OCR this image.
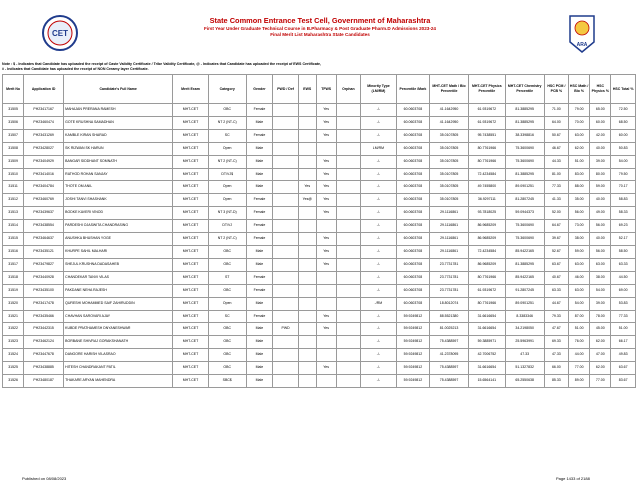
CET
State Common Entrance Test Cell, Government of Maharashtra
First Year Under Graduate Technical Course in B.Pharmacy & Post Graduate Pharm.D Admissions 2023-24
Final Merit List Maharashtra State Candidates
ARA
Note : $ - Indicates that Candidate has uploaded the receipt of Caste Validity Certificate / Tribe Validity Certificate, @ - Indicates that Candidate has uploaded the receipt of EWS Certificate,
# - Indicates that Candidate has uploaded the receipt of NON Creamy layer Certificate.
Merit No	Application ID	Candidate's Full Name	Merit Exam	Category	Gender	PWD / Def	EWS	TFWS	Orphan	Minority Type (LM/RM)	Percentile /Mark	MHT-CET Math / Bio Percentile	MHT-CET Physics Percentile	MHT-CET Chemistry Percentile	HSC PCM / PCB %	HSC Math / Bio %	HSC Physics %	HSC Total %
31505	PH23417167	MAHAJAN PRERANA RAMESH	MHT-CET	OBC	Female			Yes		-/-	60.0603708	41.1642950	61.9319672	81.3885295	71.00	79.00	65.00	72.50
31506	PH23460474	GOTE KRUSHNA SAMADHAN	MHT-CET	NT 2 (NT-C)	Male			Yes		-/-	60.0603708	41.1642950	61.9319672	81.3885295	64.00	70.00	60.00	68.50
31507	PH23431269	KAMBLE KIRAN SHARAD	MHT-CET	SC	Female			Yes		-/-	60.0603708	35.0107805	95.7438551	38.3398816	50.67	63.00	42.00	60.00
31508	PH23428027	SK RIZWAN SK HARUN	MHT-CET	Open	Male					LM/RM	60.0603708	35.0107805	80.7761966	75.3600690	46.67	62.00	40.00	50.83
31509	PH23404929	BANGAR SIDDHANT SOMNATH	MHT-CET	NT 2 (NT-C)	Male			Yes		-/-	60.0603708	35.0107805	80.7761966	75.3600690	44.33	51.00	39.00	54.00
31510	PH23414016	RATHOD ROHAN SANJAY	MHT-CET	DT/VJ$	Male			Yes		-/-	60.0603708	35.0107805	72.4234584	81.3885295	81.00	83.00	80.00	79.50
31511	PH23404784	THOTE OM ANIL	MHT-CET	Open	Male		Yes	Yes		-/-	60.0603708	35.0107805	49.7455800	89.0901251	77.33	88.00	59.00	70.17
31512	PH23460769	JOSHI TANVI SHASHANK	MHT-CET	Open	Female		Yes@	Yes		-/-	60.0603708	35.0107805	36.9297111	81.2807245	41.33	35.00	40.00	58.83
31513	PH23439637	BODKE KAVERI VINOD	MHT-CET	NT 3 (NT-D)	Female			Yes		-/-	60.0603708	29.1116861	93.7818025	59.0944373	52.00	56.00	49.00	58.33
31514	PH23438554	PARDESHI OJASWITA CHANDRASING	MHT-CET	DT/VJ	Female					-/-	60.0603708	29.1116861	86.9685209	75.3600690	64.67	73.00	56.00	69.23
31515	PH23464637	ANUSHKA BHUSHAN YOGE	MHT-CET	NT 2 (NT-C)	Female			Yes		-/-	60.0603708	29.1116861	86.9685209	75.3600690	39.67	38.00	40.00	52.17
31516	PH23435121	KHURPE SAHIL MALHARI	MHT-CET	OBC	Male			Yes		-/-	60.0603708	29.1116861	72.4234584	85.9422165	52.67	59.00	56.00	58.50
31517	PH23479827	SHEJUL KRUSHNA DADASAHEB	MHT-CET	OBC	Male			Yes		-/-	60.0603708	23.7731781	86.9685209	81.3885295	63.67	63.00	63.00	63.33
31518	PH23440928	CHANDEKAR TANVI VILAS	MHT-CET	ST	Female					-/-	60.0603708	23.7731781	80.7761966	85.9422165	40.67	46.00	38.00	44.50
31519	PH23435100	PAKDANE NEHA RAJESH	MHT-CET	OBC	Female					-/-	60.0603708	23.7731781	61.9319672	91.2807245	63.33	63.00	54.00	69.00
31520	PH23417478	QURESHI MOHAMMED SAIF ZAHIRUDDIN	MHT-CET	Open	Male					-/RM	60.0603708	18.8012074	80.7761966	89.0901251	44.67	54.00	39.00	53.83
31521	PH23435466	CHAVHAN SAROVARI AJAY	MHT-CET	SC	Female			Yes		-/-	59.9249812	88.5521380	31.6616654	8.3383346	79.33	87.00	78.00	77.33
31522	PH23442315	KUBDE PRATHAMESH DNYANESHWAR	MHT-CET	OBC	Male	PWD		Yes		-/-	59.9249812	81.0025213	31.6616654	34.2198050	47.67	51.00	45.00	51.00
31523	PH23462124	BORBANE SHIVRAJ GORAKSHANATH	MHT-CET	OBC	Male					-/-	59.9249812	75.4388597	59.3885971	25.5963991	69.33	76.00	62.00	66.17
31524	PH23447678	DANGORE HARISH VILASRAO	MHT-CET	OBC	Male					-/-	59.9249812	41.2378095	42.7006752	47.33	47.33	44.00	47.00	49.83
31525	PH23438885	HITESH CHANDRAKANT PATIL	MHT-CET	OBC	Male			Yes		-/-	59.9249812	75.4388597	31.6616654	51.1327832	66.00	77.00	62.00	63.67
31526	PH23480187	THAKARE ARYAN MAHENDRA	MHT-CET	SBC$	Male					-/-	59.9249812	75.4388597	15.6564141	65.2550638	85.33	89.00	77.00	83.67
Published on 08/08/2023	Page 1433 of 2188
